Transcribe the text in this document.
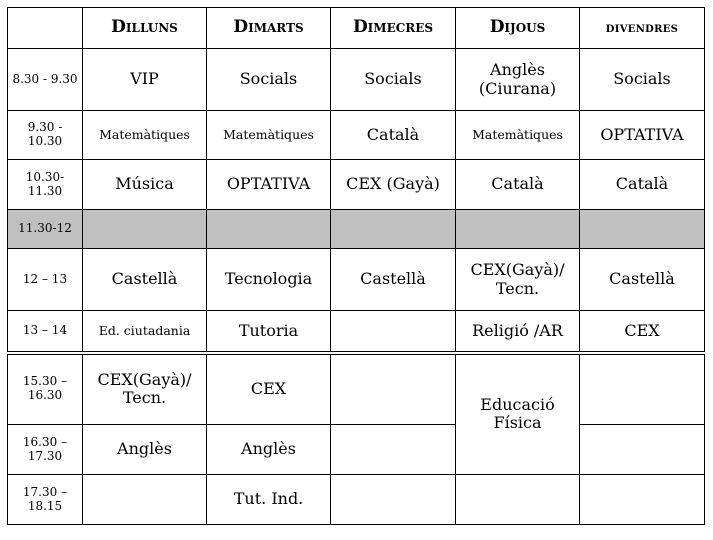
	Dilluns	Dimarts	Dimecres	Dijous	divendres
8.30 - 9.30	VIP	Socials	Socials	Anglès (Ciurana)	Socials
9.30 - 10.30	Matemàtiques	Matemàtiques	Català	Matemàtiques	OPTATIVA
10.30-11.30	Música	OPTATIVA	CEX (Gayà)	Català	Català
11.30-12					
12 – 13	Castellà	Tecnologia	Castellà	CEX(Gayà)/ Tecn.	Castellà
13 – 14	Ed. ciutadania	Tutoria		Religió /AR	CEX
15.30 – 16.30	CEX(Gayà)/ Tecn.	CEX		Educació Física	
16.30 – 17.30	Anglès	Anglès			
17.30 – 18.15		Tut. Ind.			
